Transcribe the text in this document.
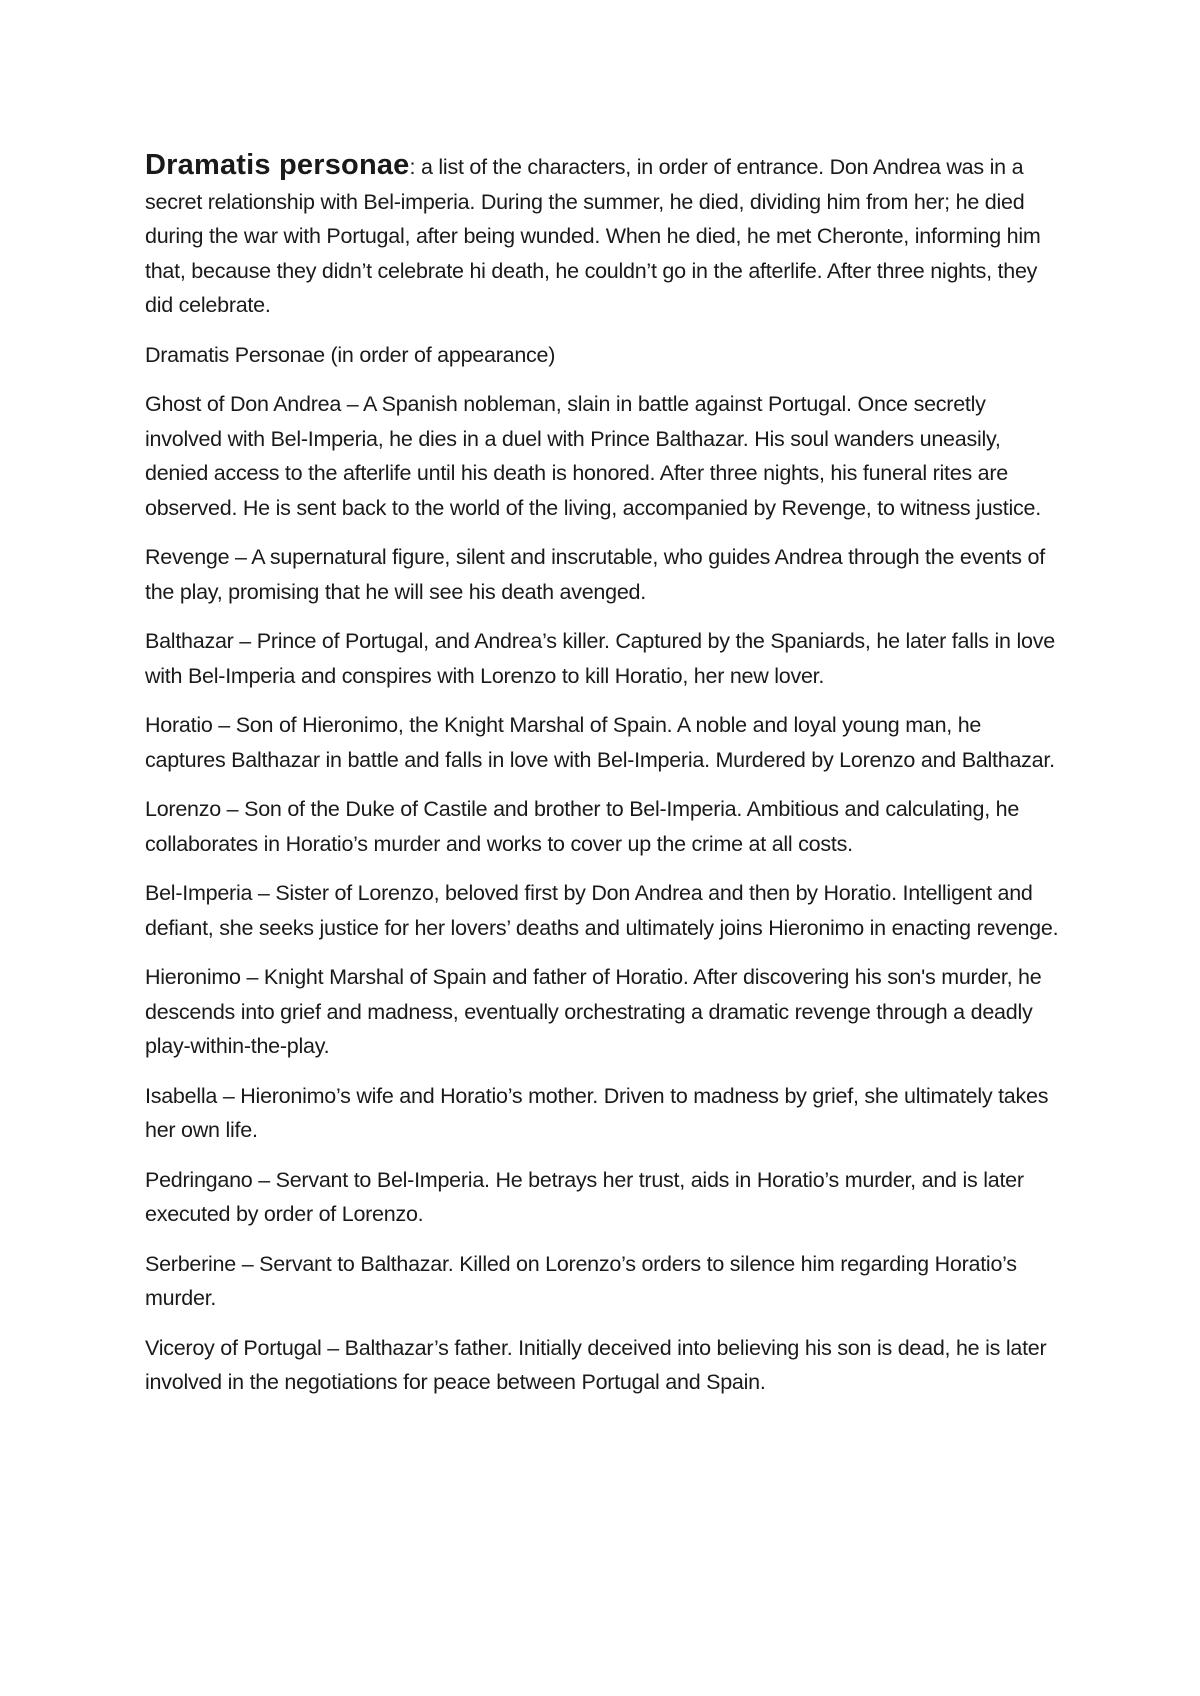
Dramatis personae: a list of the characters, in order of entrance. Don Andrea was in a secret relationship with Bel-imperia. During the summer, he died, dividing him from her; he died during the war with Portugal, after being wunded. When he died, he met Cheronte, informing him that, because they didn’t celebrate hi death, he couldn’t go in the afterlife. After three nights, they did celebrate.

Dramatis Personae (in order of appearance)

Ghost of Don Andrea – A Spanish nobleman, slain in battle against Portugal. Once secretly involved with Bel-Imperia, he dies in a duel with Prince Balthazar. His soul wanders uneasily, denied access to the afterlife until his death is honored. After three nights, his funeral rites are observed. He is sent back to the world of the living, accompanied by Revenge, to witness justice.

Revenge – A supernatural figure, silent and inscrutable, who guides Andrea through the events of the play, promising that he will see his death avenged.

Balthazar – Prince of Portugal, and Andrea’s killer. Captured by the Spaniards, he later falls in love with Bel-Imperia and conspires with Lorenzo to kill Horatio, her new lover.

Horatio – Son of Hieronimo, the Knight Marshal of Spain. A noble and loyal young man, he captures Balthazar in battle and falls in love with Bel-Imperia. Murdered by Lorenzo and Balthazar.

Lorenzo – Son of the Duke of Castile and brother to Bel-Imperia. Ambitious and calculating, he collaborates in Horatio’s murder and works to cover up the crime at all costs.

Bel-Imperia – Sister of Lorenzo, beloved first by Don Andrea and then by Horatio. Intelligent and defiant, she seeks justice for her lovers’ deaths and ultimately joins Hieronimo in enacting revenge.

Hieronimo – Knight Marshal of Spain and father of Horatio. After discovering his son's murder, he descends into grief and madness, eventually orchestrating a dramatic revenge through a deadly play-within-the-play.

Isabella – Hieronimo’s wife and Horatio’s mother. Driven to madness by grief, she ultimately takes her own life.

Pedringano – Servant to Bel-Imperia. He betrays her trust, aids in Horatio’s murder, and is later executed by order of Lorenzo.

Serberine – Servant to Balthazar. Killed on Lorenzo’s orders to silence him regarding Horatio’s murder.

Viceroy of Portugal – Balthazar’s father. Initially deceived into believing his son is dead, he is later involved in the negotiations for peace between Portugal and Spain.
